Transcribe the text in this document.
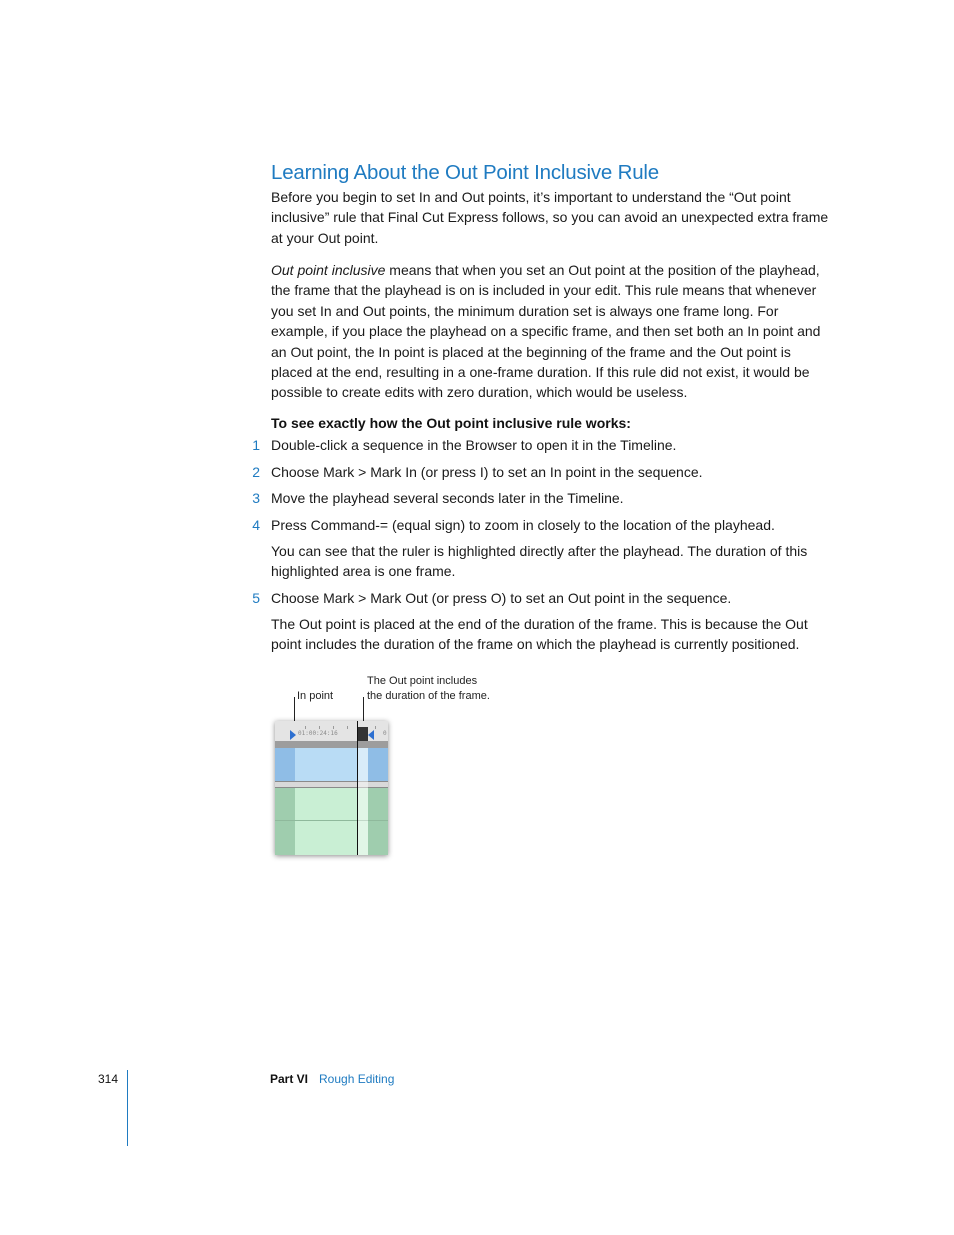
Learning About the Out Point Inclusive Rule

Before you begin to set In and Out points, it’s important to understand the “Out point inclusive” rule that Final Cut Express follows, so you can avoid an unexpected extra frame at your Out point.

Out point inclusive means that when you set an Out point at the position of the playhead, the frame that the playhead is on is included in your edit. This rule means that whenever you set In and Out points, the minimum duration set is always one frame long. For example, if you place the playhead on a specific frame, and then set both an In point and an Out point, the In point is placed at the beginning of the frame and the Out point is placed at the end, resulting in a one-frame duration. If this rule did not exist, it would be possible to create edits with zero duration, which would be useless.

To see exactly how the Out point inclusive rule works:

1 Double-click a sequence in the Browser to open it in the Timeline.
2 Choose Mark > Mark In (or press I) to set an In point in the sequence.
3 Move the playhead several seconds later in the Timeline.
4 Press Command-= (equal sign) to zoom in closely to the location of the playhead.

You can see that the ruler is highlighted directly after the playhead. The duration of this highlighted area is one frame.

5 Choose Mark > Mark Out (or press O) to set an Out point in the sequence.

The Out point is placed at the end of the duration of the frame. This is because the Out point includes the duration of the frame on which the playhead is currently positioned.

In point
The Out point includes
the duration of the frame.
01:00:24:16	0
314	Part VI Rough Editing
